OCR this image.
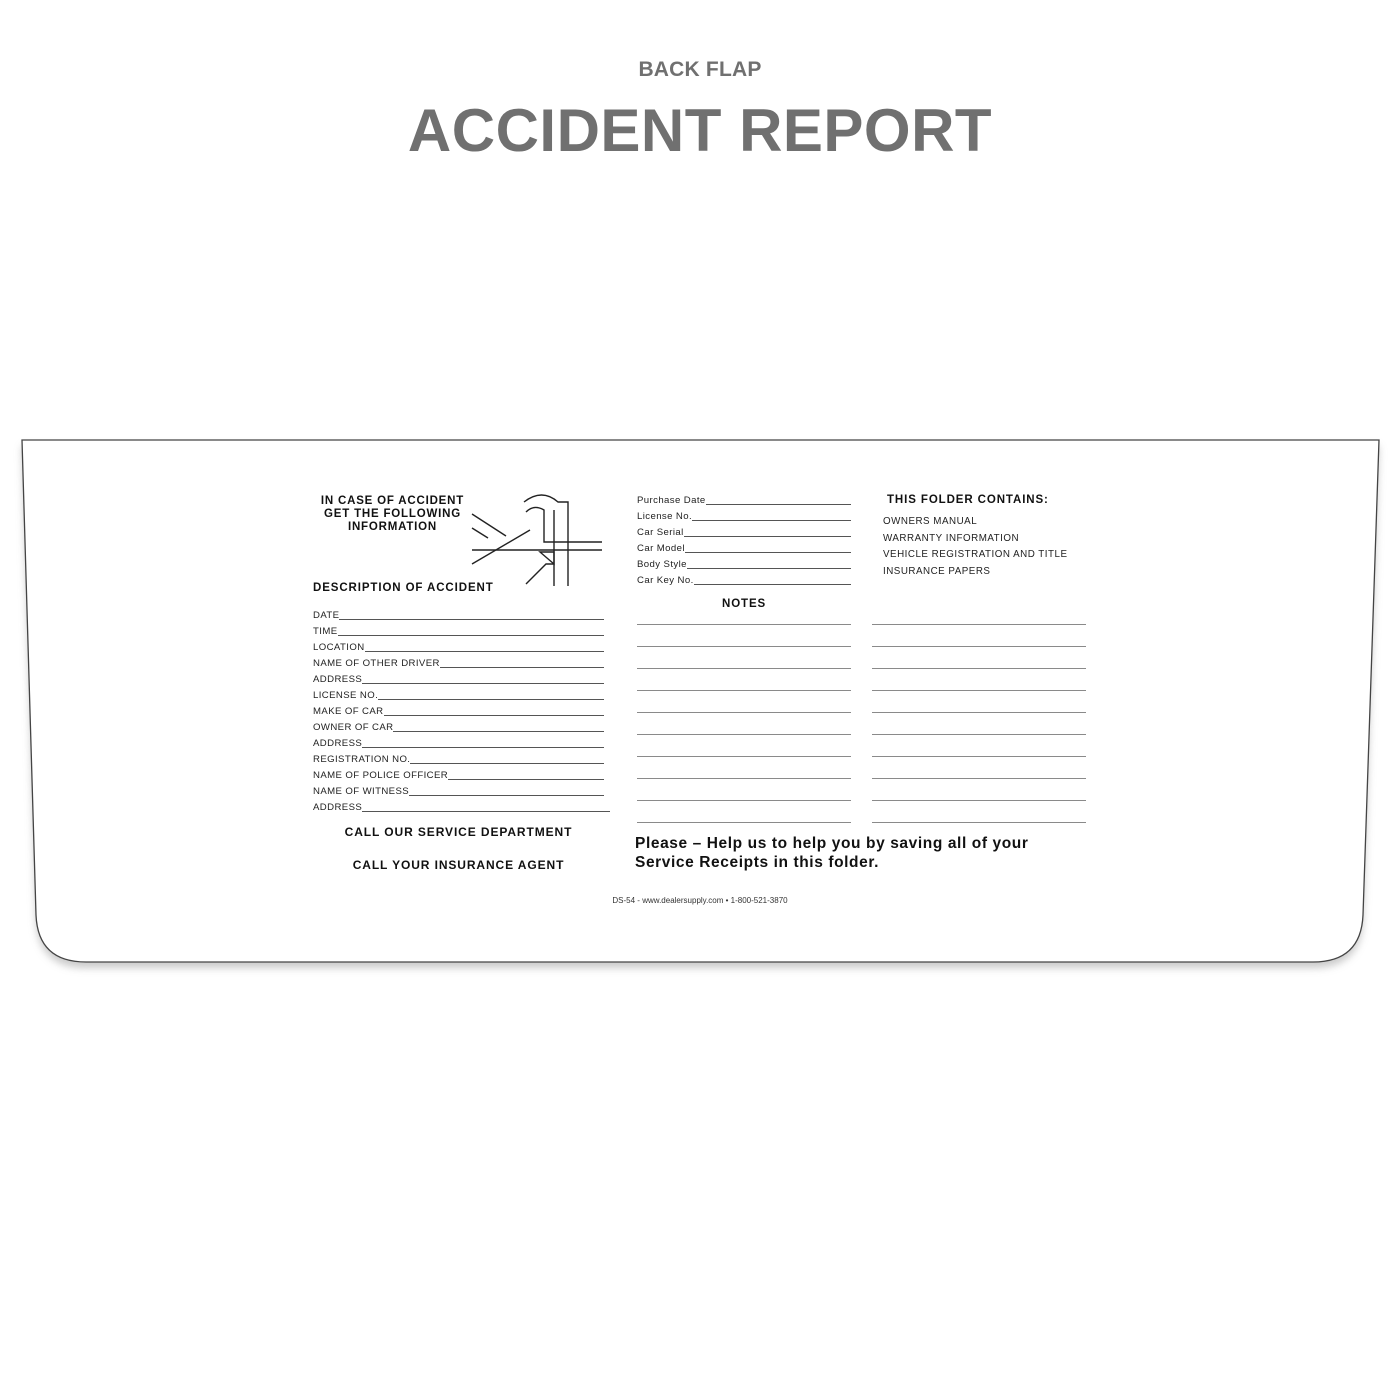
BACK FLAP
ACCIDENT REPORT
IN CASE OF ACCIDENT
GET THE FOLLOWING
INFORMATION
DESCRIPTION OF ACCIDENT
DATE
TIME
LOCATION
NAME OF OTHER DRIVER
ADDRESS
LICENSE NO.
MAKE OF CAR
OWNER OF CAR
ADDRESS
REGISTRATION NO.
NAME OF POLICE OFFICER
NAME OF WITNESS
ADDRESS
CALL OUR SERVICE DEPARTMENT
CALL YOUR INSURANCE AGENT
Purchase Date
License No.
Car Serial
Car Model
Body Style
Car Key No.
THIS FOLDER CONTAINS:
OWNERS MANUAL
WARRANTY INFORMATION
VEHICLE REGISTRATION AND TITLE
INSURANCE PAPERS
NOTES
Please – Help us to help you by saving all of your
Service Receipts in this folder.
DS-54 - www.dealersupply.com • 1-800-521-3870
